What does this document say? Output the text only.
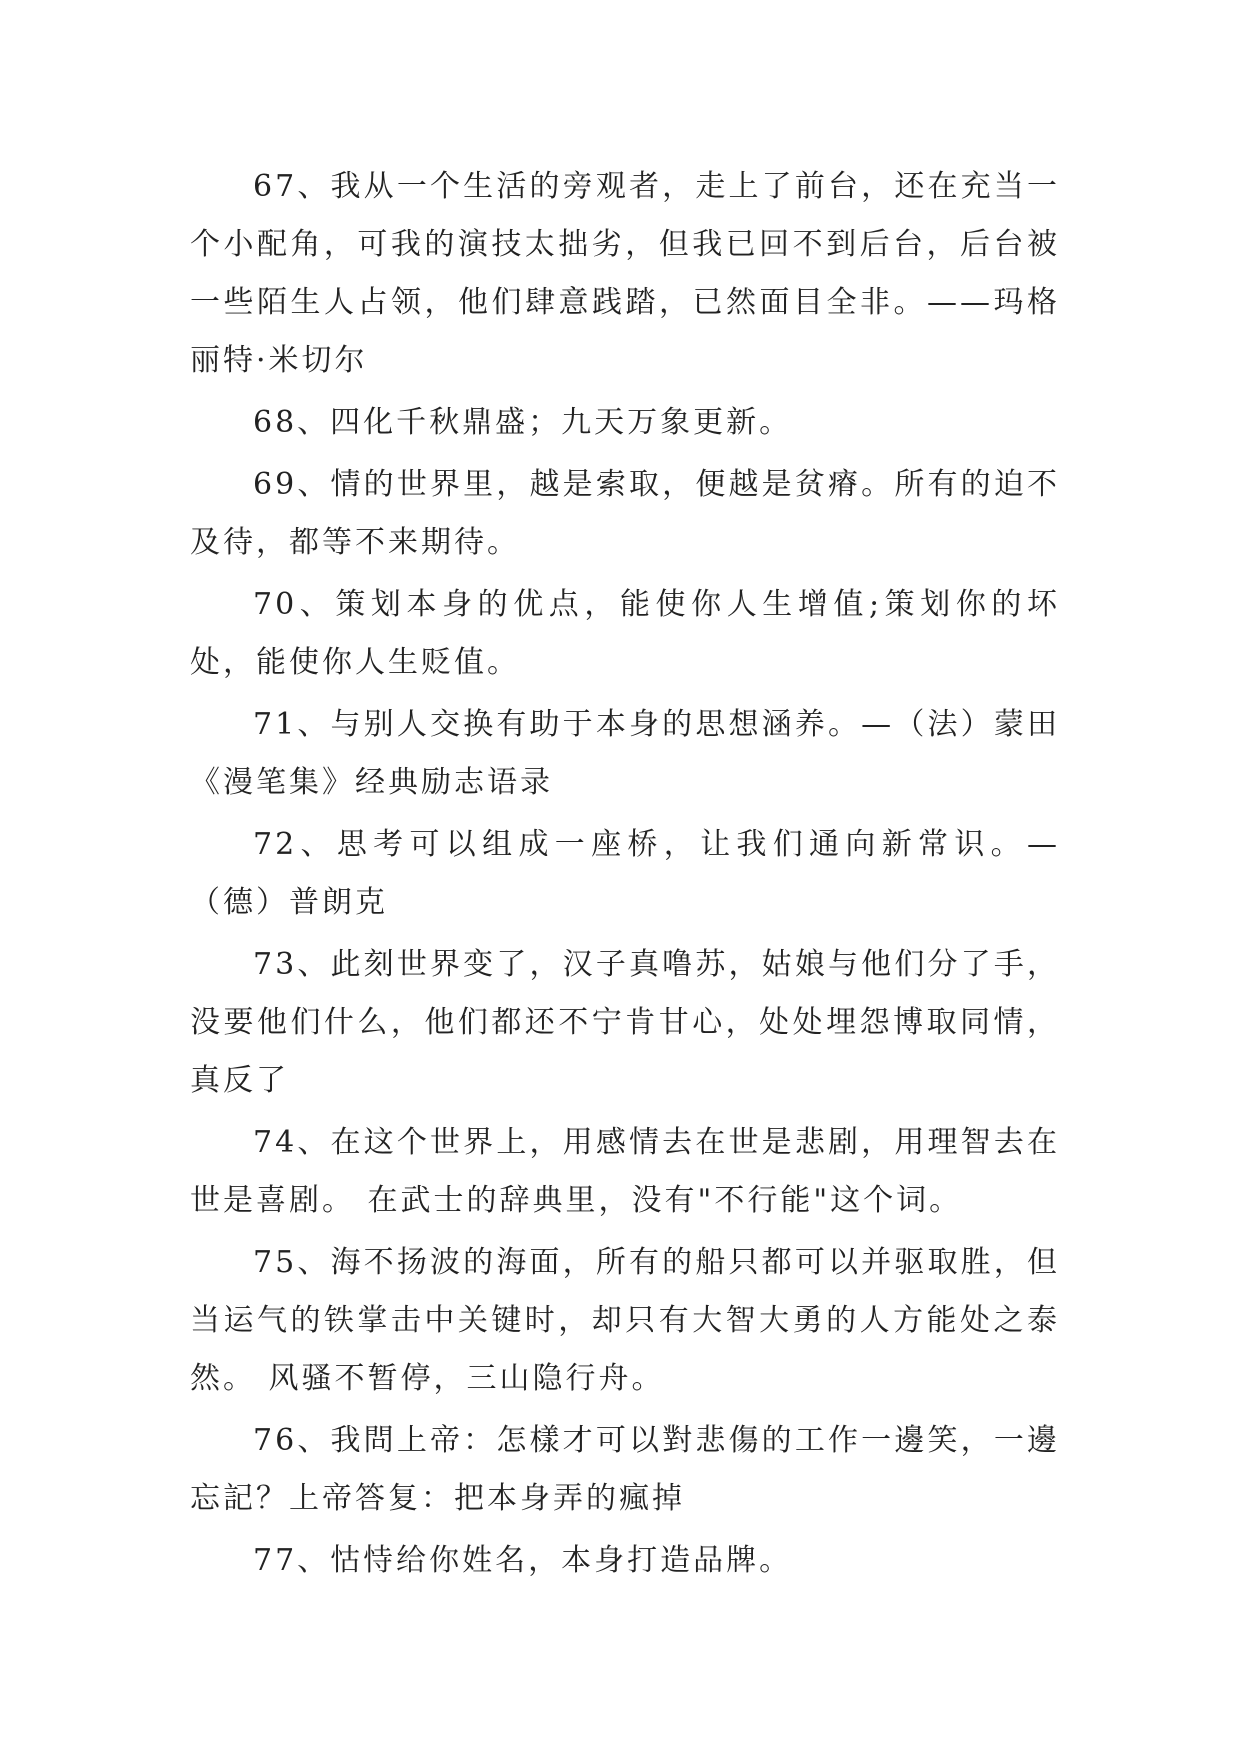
67、我从一个生活的旁观者，走上了前台，还在充当一个小配角，可我的演技太拙劣，但我已回不到后台，后台被一些陌生人占领，他们肆意践踏，已然面目全非。——玛格丽特·米切尔

68、四化千秋鼎盛；九天万象更新。

69、情的世界里，越是索取，便越是贫瘠。所有的迫不及待，都等不来期待。

70、策划本身的优点，能使你人生增值;策划你的坏处，能使你人生贬值。

71、与别人交换有助于本身的思想涵养。—（法）蒙田《漫笔集》经典励志语录

72、思考可以组成一座桥，让我们通向新常识。—（德）普朗克

73、此刻世界变了，汉子真噜苏，姑娘与他们分了手，没要他们什么，他们都还不宁肯甘心，处处埋怨博取同情，真反了

74、在这个世界上，用感情去在世是悲剧，用理智去在世是喜剧。 在武士的辞典里，没有"不行能"这个词。

75、海不扬波的海面，所有的船只都可以并驱取胜，但当运气的铁掌击中关键时，却只有大智大勇的人方能处之泰然。 风骚不暂停，三山隐行舟。

76、我問上帝：怎樣才可以對悲傷的工作一邊笑，一邊忘記？上帝答复：把本身弄的瘋掉

77、怙恃给你姓名，本身打造品牌。
